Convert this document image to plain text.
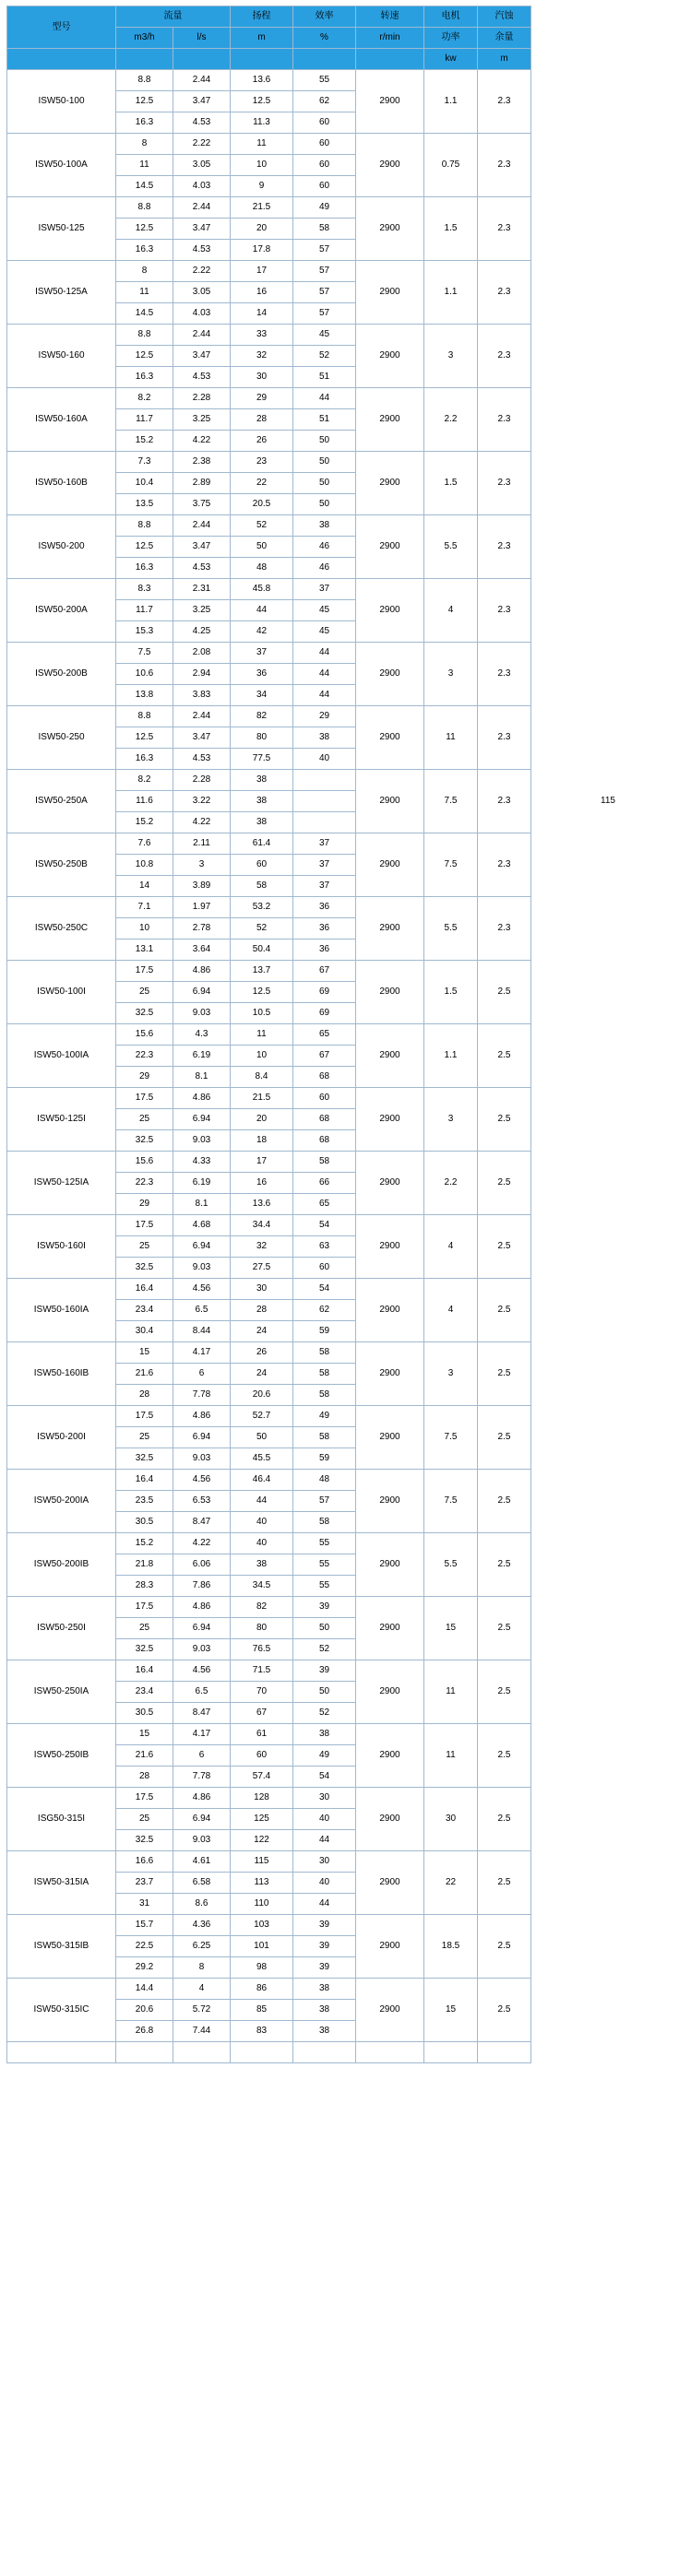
型号	流量		扬程	效率	转速	电机	汽蚀	
	m3/h	l/s	m	%	r/min	功率	余量	
						kw	m	
ISW50-100	8.8	2.44	13.6	55	2900	1.1	2.3	
	12.5	3.47	12.5	62				
	16.3	4.53	11.3	60				
ISW50-100A	8	2.22	11	60	2900	0.75	2.3	
	11	3.05	10	60				
	14.5	4.03	9	60				
ISW50-125	8.8	2.44	21.5	49	2900	1.5	2.3	
	12.5	3.47	20	58				
	16.3	4.53	17.8	57				
ISW50-125A	8	2.22	17	57	2900	1.1	2.3	
	11	3.05	16	57				
	14.5	4.03	14	57				
ISW50-160	8.8	2.44	33	45	2900	3	2.3	
	12.5	3.47	32	52				
	16.3	4.53	30	51				
ISW50-160A	8.2	2.28	29	44	2900	2.2	2.3	
	11.7	3.25	28	51				
	15.2	4.22	26	50				
ISW50-160B	7.3	2.38	23	50	2900	1.5	2.3	
	10.4	2.89	22	50				
	13.5	3.75	20.5	50				
ISW50-200	8.8	2.44	52	38	2900	5.5	2.3	
	12.5	3.47	50	46				
	16.3	4.53	48	46				
ISW50-200A	8.3	2.31	45.8	37	2900	4	2.3	
	11.7	3.25	44	45				
	15.3	4.25	42	45				
ISW50-200B	7.5	2.08	37	44	2900	3	2.3	
	10.6	2.94	36	44				
	13.8	3.83	34	44				
ISW50-250	8.8	2.44	82	29	2900	11	2.3	
	12.5	3.47	80	38				
	16.3	4.53	77.5	40				
ISW50-250A	8.2	2.28	38		2900	7.5	2.3	115
	11.6	3.22	38					
	15.2	4.22	38					
ISW50-250B	7.6	2.11	61.4	37	2900	7.5	2.3	
	10.8	3	60	37				
	14	3.89	58	37				
ISW50-250C	7.1	1.97	53.2	36	2900	5.5	2.3	
	10	2.78	52	36				
	13.1	3.64	50.4	36				
ISW50-100I	17.5	4.86	13.7	67	2900	1.5	2.5	
	25	6.94	12.5	69				
	32.5	9.03	10.5	69				
ISW50-100IA	15.6	4.3	11	65	2900	1.1	2.5	
	22.3	6.19	10	67				
	29	8.1	8.4	68				
ISW50-125I	17.5	4.86	21.5	60	2900	3	2.5	
	25	6.94	20	68				
	32.5	9.03	18	68				
ISW50-125IA	15.6	4.33	17	58	2900	2.2	2.5	
	22.3	6.19	16	66				
	29	8.1	13.6	65				
ISW50-160I	17.5	4.68	34.4	54	2900	4	2.5	
	25	6.94	32	63				
	32.5	9.03	27.5	60				
ISW50-160IA	16.4	4.56	30	54	2900	4	2.5	
	23.4	6.5	28	62				
	30.4	8.44	24	59				
ISW50-160IB	15	4.17	26	58	2900	3	2.5	
	21.6	6	24	58				
	28	7.78	20.6	58				
ISW50-200I	17.5	4.86	52.7	49	2900	7.5	2.5	
	25	6.94	50	58				
	32.5	9.03	45.5	59				
ISW50-200IA	16.4	4.56	46.4	48	2900	7.5	2.5	
	23.5	6.53	44	57				
	30.5	8.47	40	58				
ISW50-200IB	15.2	4.22	40	55	2900	5.5	2.5	
	21.8	6.06	38	55				
	28.3	7.86	34.5	55				
ISW50-250I	17.5	4.86	82	39	2900	15	2.5	
	25	6.94	80	50				
	32.5	9.03	76.5	52				
ISW50-250IA	16.4	4.56	71.5	39	2900	11	2.5	
	23.4	6.5	70	50				
	30.5	8.47	67	52				
ISW50-250IB	15	4.17	61	38	2900	11	2.5	
	21.6	6	60	49				
	28	7.78	57.4	54				
ISG50-315I	17.5	4.86	128	30	2900	30	2.5	
	25	6.94	125	40				
	32.5	9.03	122	44				
ISW50-315IA	16.6	4.61	115	30	2900	22	2.5	
	23.7	6.58	113	40				
	31	8.6	110	44				
ISW50-315IB	15.7	4.36	103	39	2900	18.5	2.5	
	22.5	6.25	101	39				
	29.2	8	98	39				
ISW50-315IC	14.4	4	86	38	2900	15	2.5	
	20.6	5.72	85	38				
	26.8	7.44	83	38				
